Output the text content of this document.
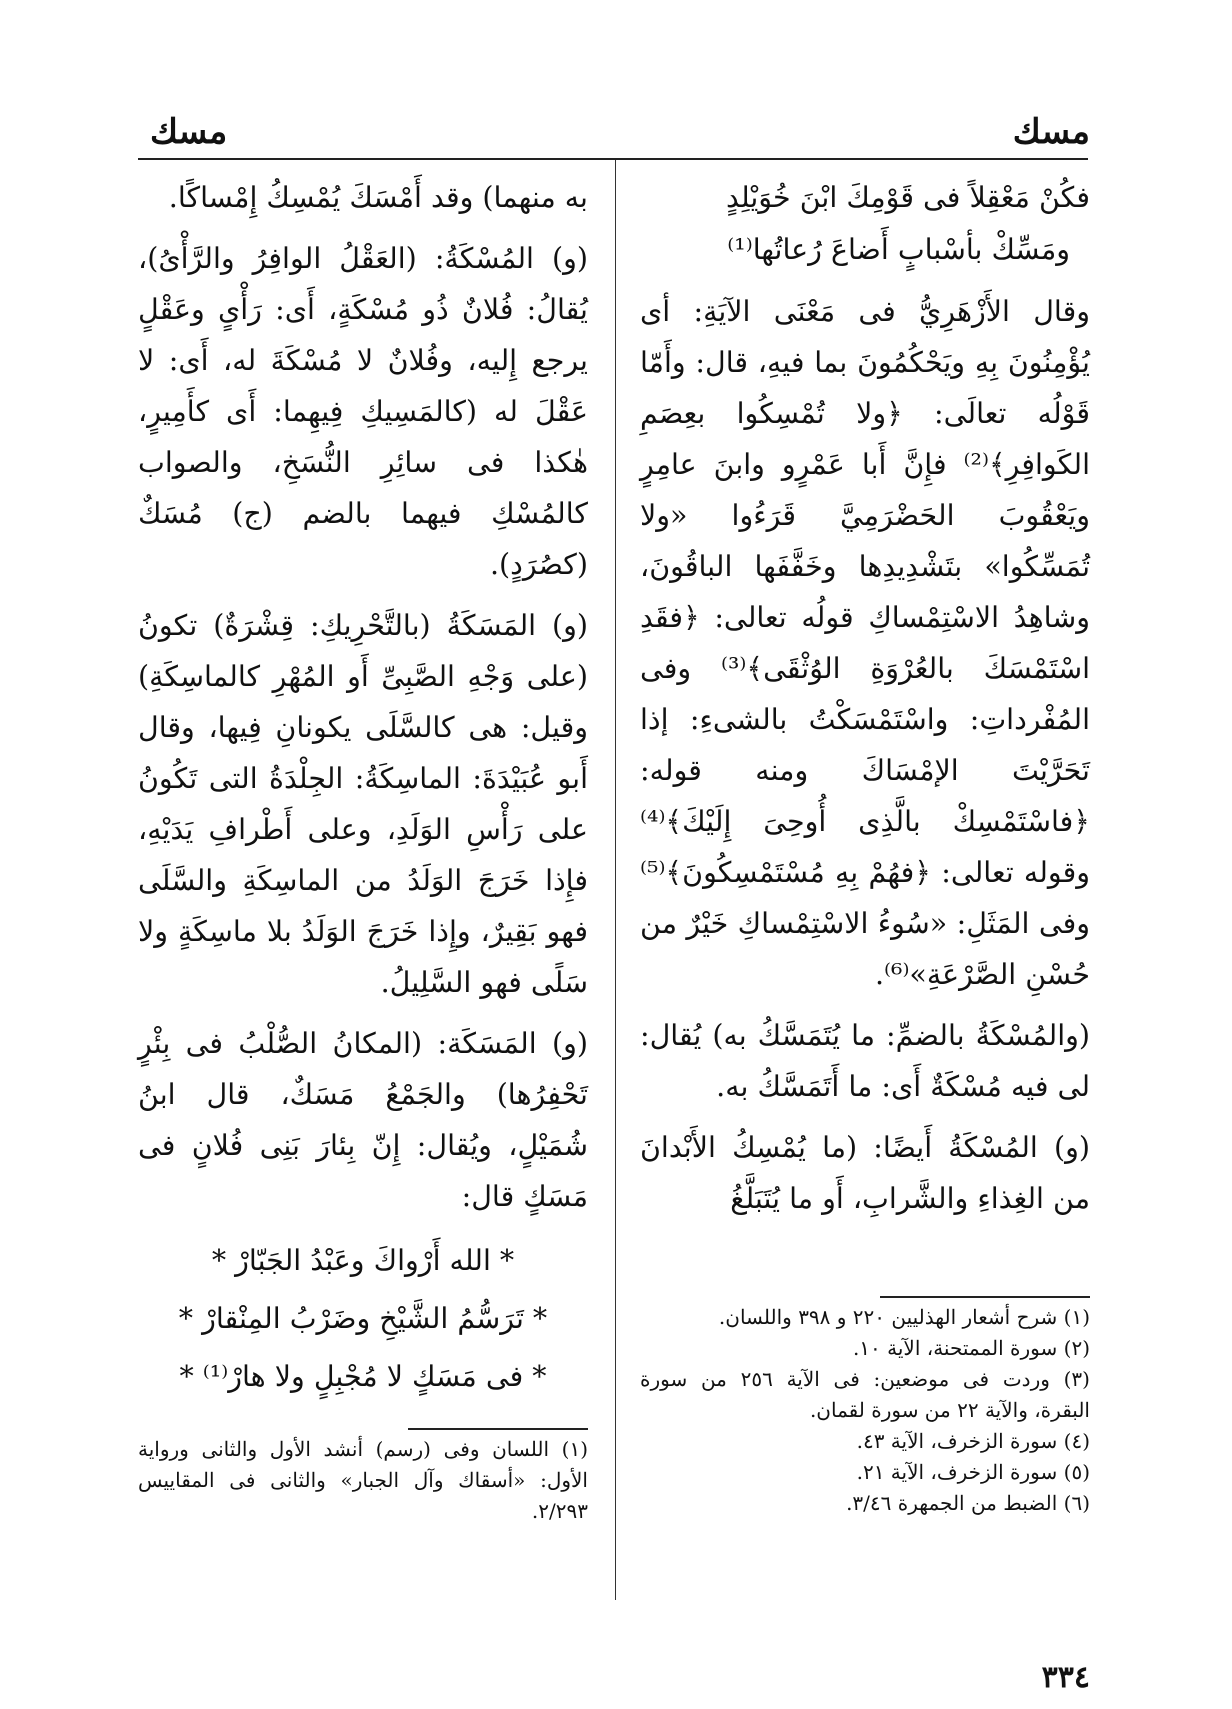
مسك
مسك

فكُنْ مَعْقِلاً فى قَوْمِكَ ابْنَ خُوَيْلِدٍ

ومَسِّكْ بأسْبابٍ أَضاعَ رُعاتُها⁽¹⁾

وقال الأَزْهَرِيُّ فى مَعْنَى الآيَةِ: أى يُؤْمِنُونَ بِهِ ويَحْكُمُونَ بما فيهِ، قال: وأَمّا قَوْلُه تعالَى: ﴿ولا تُمْسِكُوا بعِصَمِ الكَوافِرِ﴾⁽²⁾ فإِنَّ أَبا عَمْرٍو وابنَ عامِرٍ ويَعْقُوبَ الحَضْرَمِيَّ قَرَءُوا «ولا تُمَسِّكُوا» بتَشْدِيدِها وخَفَّفَها الباقُونَ، وشاهِدُ الاسْتِمْساكِ قولُه تعالى: ﴿فقَدِ اسْتَمْسَكَ بالعُرْوَةِ الوُثْقَى﴾⁽³⁾ وفى المُفْرداتِ: واسْتَمْسَكْتُ بالشىءِ: إذا تَحَرَّيْتَ الإمْسَاكَ ومنه قوله: ﴿فاسْتَمْسِكْ بالَّذِى أُوحِىَ إِلَيْكَ﴾⁽⁴⁾ وقوله تعالى: ﴿فهُمْ بِهِ مُسْتَمْسِكُونَ﴾⁽⁵⁾ وفى المَثَلِ: «سُوءُ الاسْتِمْساكِ خَيْرٌ من حُسْنِ الصَّرْعَةِ»⁽⁶⁾.

(والمُسْكَةُ بالضمِّ: ما يُتَمَسَّكُ به) يُقال: لى فيه مُسْكَةٌ أَى: ما أَتَمَسَّكُ به.

(و) المُسْكَةُ أَيضًا: (ما يُمْسِكُ الأَبْدانَ من الغِذاءِ والشَّرابِ، أَو ما يُتَبَلَّغُ

به منهما) وقد أَمْسَكَ يُمْسِكُ إِمْساكًا.

(و) المُسْكَةُ: (العَقْلُ الوافِرُ والرَّأْىُ)، يُقالُ: فُلانٌ ذُو مُسْكَةٍ، أَى: رَأْىٍ وعَقْلٍ يرجع إِليه، وفُلانٌ لا مُسْكَةَ له، أَى: لا عَقْلَ له (كالمَسِيكِ فِيهِما: أَى كأَمِيرٍ، هٰكذا فى سائِرِ النُّسَخِ، والصواب كالمُسْكِ فيهما بالضم (ج) مُسَكٌ (كصُرَدٍ).

(و) المَسَكَةُ (بالتَّحْرِيكِ: قِشْرَةٌ) تكونُ (على وَجْهِ الصَّبِىِّ أَو المُهْرِ كالماسِكَةِ) وقيل: هى كالسَّلَى يكونانِ فِيها، وقال أَبو عُبَيْدَةَ: الماسِكَةُ: الجِلْدَةُ التى تَكُونُ على رَأْسِ الوَلَدِ، وعلى أَطْرافِ يَدَيْهِ، فإِذا خَرَجَ الوَلَدُ من الماسِكَةِ والسَّلَى فهو بَقِيرٌ، وإِذا خَرَجَ الوَلَدُ بلا ماسِكَةٍ ولا سَلًى فهو السَّلِيلُ.

(و) المَسَكَة: (المكانُ الصُّلْبُ فى بِئْرٍ تَحْفِرُها) والجَمْعُ مَسَكٌ، قال ابنُ شُمَيْلٍ، ويُقال: إِنّ بِئارَ بَنِى فُلانٍ فى مَسَكٍ قال:

* الله أَرْواكَ وعَبْدُ الجَبّارْ *

* تَرَسُّمُ الشَّيْخِ وضَرْبُ المِنْقارْ *

* فى مَسَكٍ لا مُجْبِلٍ ولا هارْ⁽¹⁾ *

(١) شرح أشعار الهذليين ٢٢٠ و ٣٩٨ واللسان.

(٢) سورة الممتحنة، الآية ١٠.

(٣) وردت فى موضعين: فى الآية ٢٥٦ من سورة البقرة، والآية ٢٢ من سورة لقمان.

(٤) سورة الزخرف، الآية ٤٣.

(٥) سورة الزخرف، الآية ٢١.

(٦) الضبط من الجمهرة ٣/٤٦.

(١) اللسان وفى (رسم) أنشد الأول والثانى ورواية الأول: «أسقاك وآل الجبار» والثانى فى المقاييس ٢/٢٩٣.

٣٣٤
